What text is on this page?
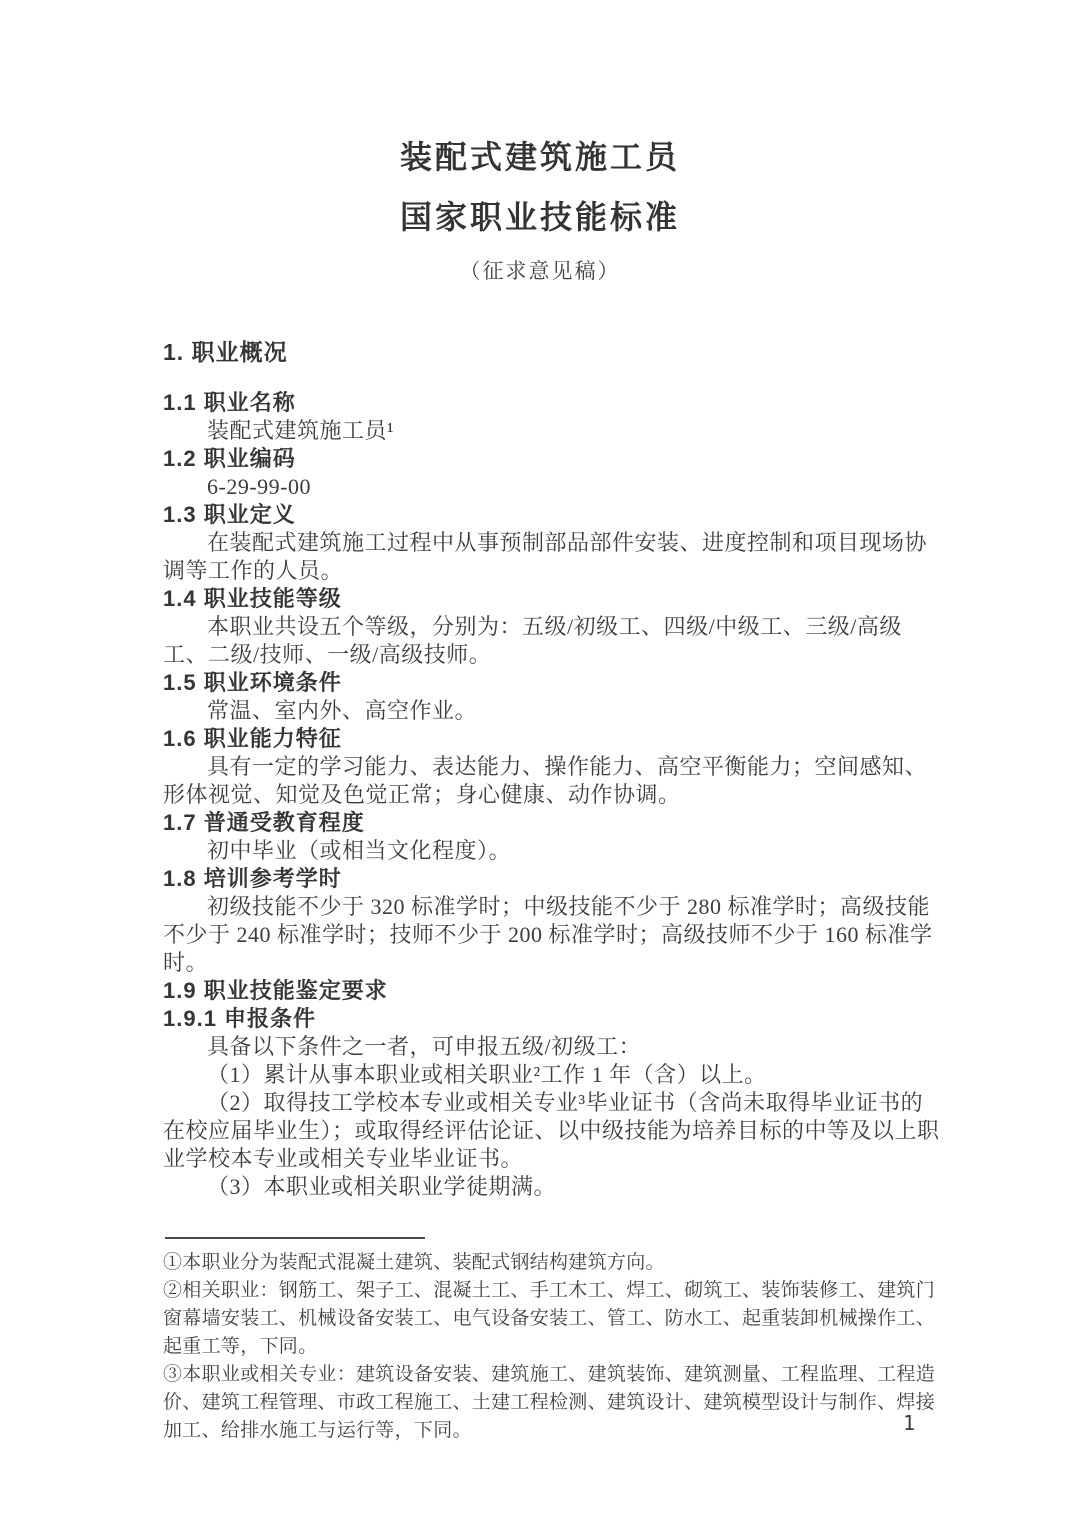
装配式建筑施工员
国家职业技能标准
（征求意见稿）
1. 职业概况
1.1 职业名称
装配式建筑施工员¹
1.2 职业编码
6-29-99-00
1.3 职业定义
在装配式建筑施工过程中从事预制部品部件安装、进度控制和项目现场协调等工作的人员。
1.4 职业技能等级
本职业共设五个等级，分别为：五级/初级工、四级/中级工、三级/高级工、二级/技师、一级/高级技师。
1.5 职业环境条件
常温、室内外、高空作业。
1.6 职业能力特征
具有一定的学习能力、表达能力、操作能力、高空平衡能力；空间感知、形体视觉、知觉及色觉正常；身心健康、动作协调。
1.7 普通受教育程度
初中毕业（或相当文化程度）。
1.8 培训参考学时
初级技能不少于 320 标准学时；中级技能不少于 280 标准学时；高级技能不少于 240 标准学时；技师不少于 200 标准学时；高级技师不少于 160 标准学时。
1.9 职业技能鉴定要求
1.9.1 申报条件
具备以下条件之一者，可申报五级/初级工：
（1）累计从事本职业或相关职业²工作 1 年（含）以上。
（2）取得技工学校本专业或相关专业³毕业证书（含尚未取得毕业证书的在校应届毕业生）；或取得经评估论证、以中级技能为培养目标的中等及以上职业学校本专业或相关专业毕业证书。
（3）本职业或相关职业学徒期满。
①本职业分为装配式混凝土建筑、装配式钢结构建筑方向。
②相关职业：钢筋工、架子工、混凝土工、手工木工、焊工、砌筑工、装饰装修工、建筑门窗幕墙安装工、机械设备安装工、电气设备安装工、管工、防水工、起重装卸机械操作工、起重工等，下同。
③本职业或相关专业：建筑设备安装、建筑施工、建筑装饰、建筑测量、工程监理、工程造价、建筑工程管理、市政工程施工、土建工程检测、建筑设计、建筑模型设计与制作、焊接加工、给排水施工与运行等，下同。	1
